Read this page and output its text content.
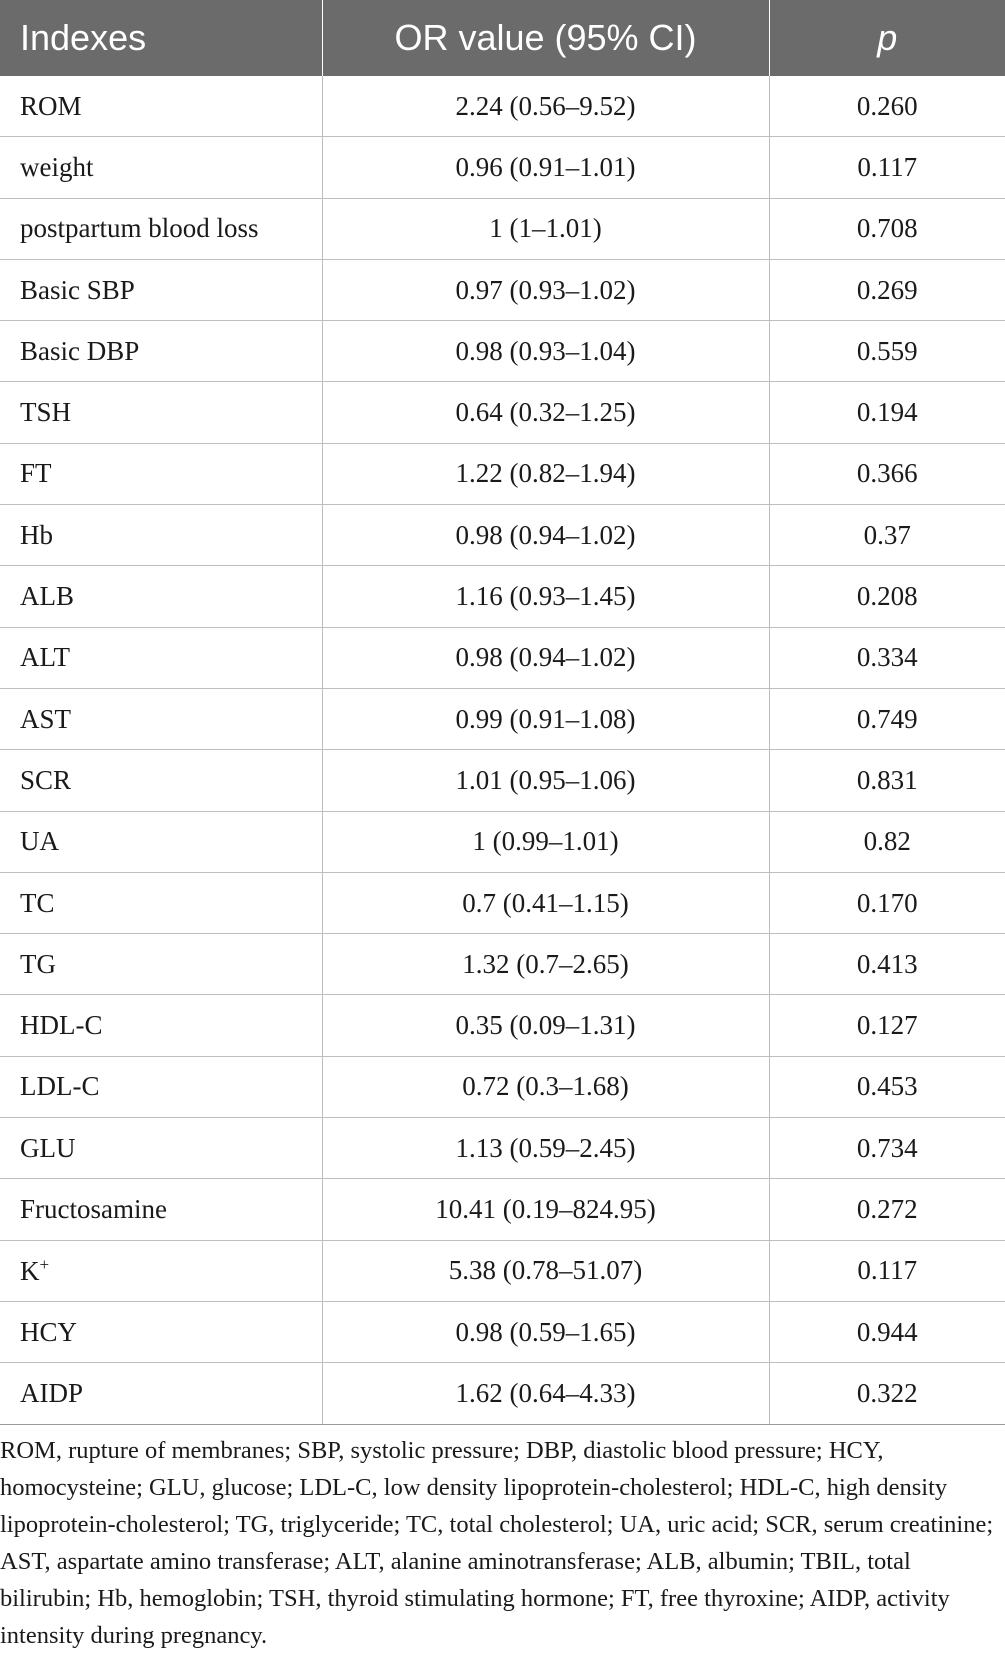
Indexes	OR value (95% CI)	p
ROM	2.24 (0.56–9.52)	0.260
weight	0.96 (0.91–1.01)	0.117
postpartum blood loss	1 (1–1.01)	0.708
Basic SBP	0.97 (0.93–1.02)	0.269
Basic DBP	0.98 (0.93–1.04)	0.559
TSH	0.64 (0.32–1.25)	0.194
FT	1.22 (0.82–1.94)	0.366
Hb	0.98 (0.94–1.02)	0.37
ALB	1.16 (0.93–1.45)	0.208
ALT	0.98 (0.94–1.02)	0.334
AST	0.99 (0.91–1.08)	0.749
SCR	1.01 (0.95–1.06)	0.831
UA	1 (0.99–1.01)	0.82
TC	0.7 (0.41–1.15)	0.170
TG	1.32 (0.7–2.65)	0.413
HDL-C	0.35 (0.09–1.31)	0.127
LDL-C	0.72 (0.3–1.68)	0.453
GLU	1.13 (0.59–2.45)	0.734
Fructosamine	10.41 (0.19–824.95)	0.272
K+	5.38 (0.78–51.07)	0.117
HCY	0.98 (0.59–1.65)	0.944
AIDP	1.62 (0.64–4.33)	0.322
ROM, rupture of membranes; SBP, systolic pressure; DBP, diastolic blood pressure; HCY, homocysteine; GLU, glucose; LDL-C, low density lipoprotein-cholesterol; HDL-C, high density lipoprotein-cholesterol; TG, triglyceride; TC, total cholesterol; UA, uric acid; SCR, serum creatinine; AST, aspartate amino transferase; ALT, alanine aminotransferase; ALB, albumin; TBIL, total bilirubin; Hb, hemoglobin; TSH, thyroid stimulating hormone; FT, free thyroxine; AIDP, activity intensity during pregnancy.
